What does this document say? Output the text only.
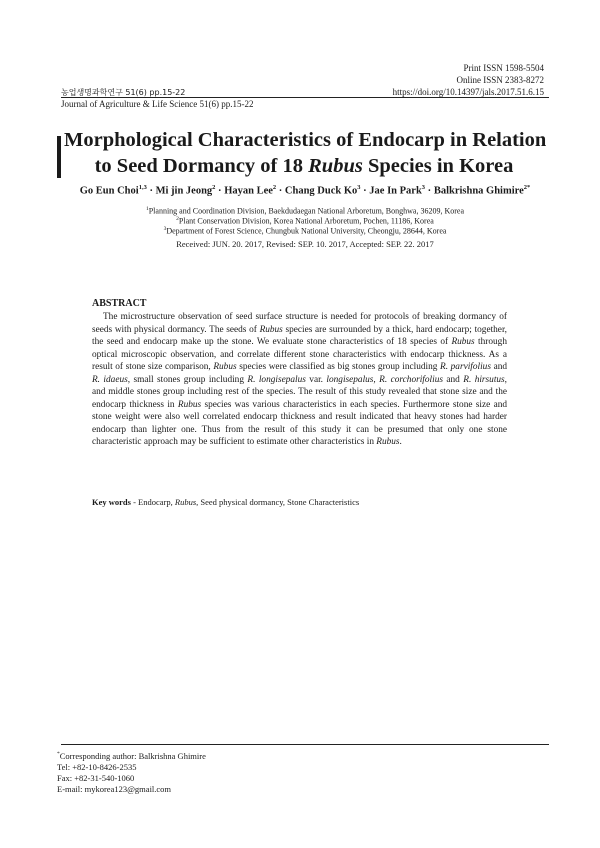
Print ISSN 1598-5504
Online ISSN 2383-8272
농업생명과학연구 51(6) pp.15-22	https://doi.org/10.14397/jals.2017.51.6.15
Journal of Agriculture & Life Science 51(6) pp.15-22
Morphological Characteristics of Endocarp in Relation
to Seed Dormancy of 18 Rubus Species in Korea
Go Eun Choi$^{1,3}$ · Mi jin Jeong$^2$ · Hayan Lee$^2$ · Chang Duck $Ko^3$ · Jae In Park$^3$ · Balkrishna Ghimire$^{2*}$
$^1$Planning and Coordination Division, Baekdudaegan National Arboretum, Bonghwa, 36209, Korea
$^2$Plant Conservation Division, Korea National Arboretum, Pochen, 11186, Korea
$^3$Department of Forest Science, Chungbuk National University, Cheongju, 28644, Korea
Received: JUN. 20. 2017, Revised: SEP. 10. 2017, Accepted: SEP. 22. 2017
ABSTRACT
The microstructure observation of seed surface structure is needed for protocols of breaking dormancy of seeds with physical dormancy. The seeds of Rubus species are surrounded by a thick, hard endocarp; together, the seed and endocarp make up the stone. We evaluate stone characteristics of 18 species of Rubus through optical microscopic observation, and correlate different stone characteristics with endocarp thickness. As a result of stone size comparison, Rubus species were classified as big stones group including R. parvifolius and R. idaeus, small stones group including R. longisepalus var. longisepalus, R. corchorifolius and R. hirsutus, and middle stones group including rest of the species. The result of this study revealed that stone size and the endocarp thickness in Rubus species was various characteristics in each species. Furthermore stone size and stone weight were also well correlated endocarp thickness and result indicated that heavy stones had harder endocarp than lighter one. Thus from the result of this study it can be presumed that only one stone characteristic approach may be sufficient to estimate other characteristics in Rubus.
Key words - Endocarp, Rubus, Seed physical dormancy, Stone Characteristics
*Corresponding author: Balkrishna Ghimire
Tel: +82-10-8426-2535
Fax: +82-31-540-1060
E-mail: mykorea123@gmail.com
